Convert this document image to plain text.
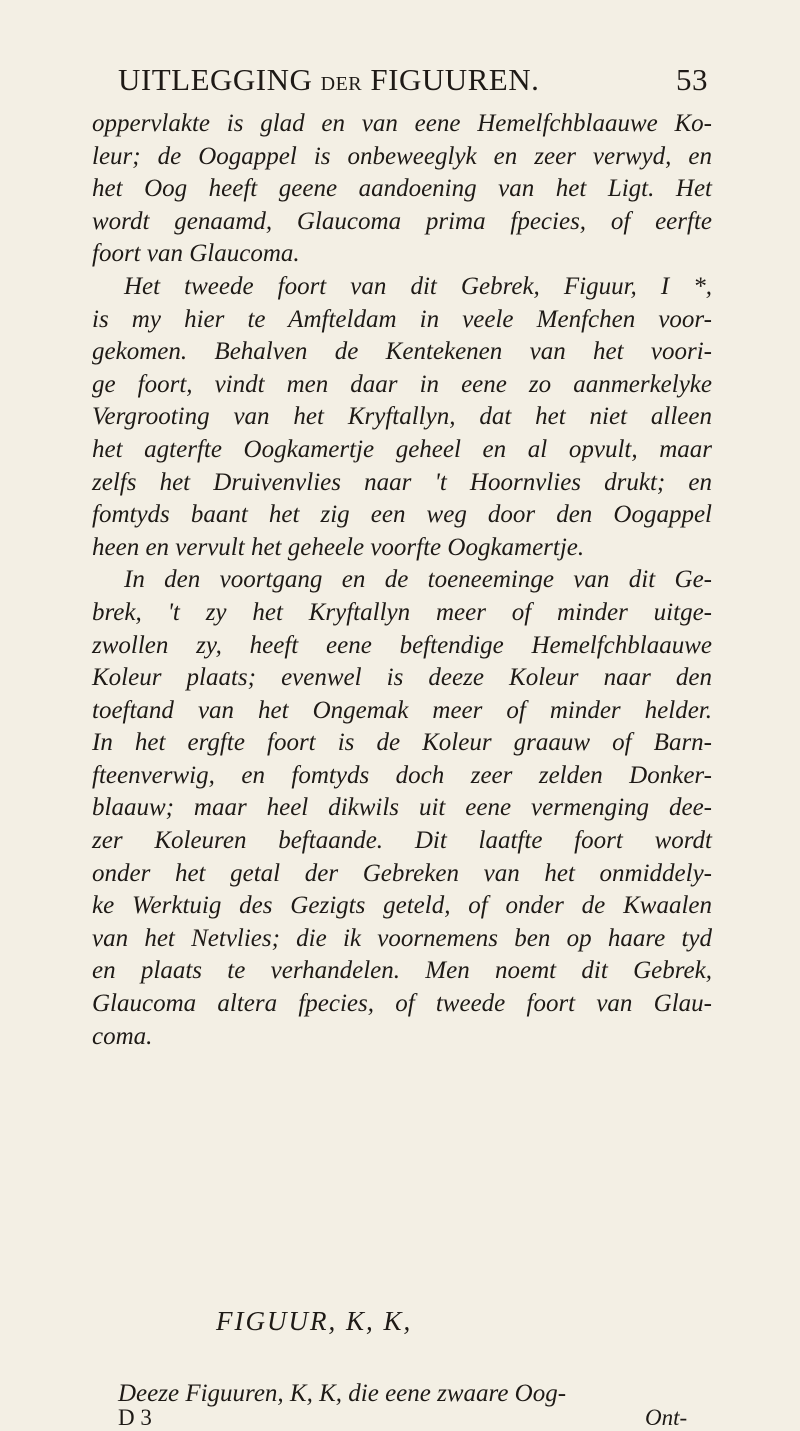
UITLEGGING DER FIGUUREN.	53
oppervlakte is glad en van eene Hemelfchblaauwe Ko-
leur; de Oogappel is onbeweeglyk en zeer verwyd, en
het Oog heeft geene aandoening van het Ligt. Het
wordt genaamd, Glaucoma prima fpecies, of eerfte
foort van Glaucoma.
Het tweede foort van dit Gebrek, Figuur, I *,
is my hier te Amfteldam in veele Menfchen voor-
gekomen. Behalven de Kentekenen van het voori-
ge foort, vindt men daar in eene zo aanmerkelyke
Vergrooting van het Kryftallyn, dat het niet alleen
het agterfte Oogkamertje geheel en al opvult, maar
zelfs het Druivenvlies naar 't Hoornvlies drukt; en
fomtyds baant het zig een weg door den Oogappel
heen en vervult het geheele voorfte Oogkamertje.
In den voortgang en de toeneeminge van dit Ge-
brek, 't zy het Kryftallyn meer of minder uitge-
zwollen zy, heeft eene beftendige Hemelfchblaauwe
Koleur plaats; evenwel is deeze Koleur naar den
toeftand van het Ongemak meer of minder helder.
In het ergfte foort is de Koleur graauw of Barn-
fteenverwig, en fomtyds doch zeer zelden Donker-
blaauw; maar heel dikwils uit eene vermenging dee-
zer Koleuren beftaande. Dit laatfte foort wordt
onder het getal der Gebreken van het onmiddely-
ke Werktuig des Gezigts geteld, of onder de Kwaalen
van het Netvlies; die ik voornemens ben op haare tyd
en plaats te verhandelen. Men noemt dit Gebrek,
Glaucoma altera fpecies, of tweede foort van Glau-
coma.
FIGUUR, K, K,
Deeze Figuuren, K, K, die eene zwaare Oog-
D 3	Ont-
